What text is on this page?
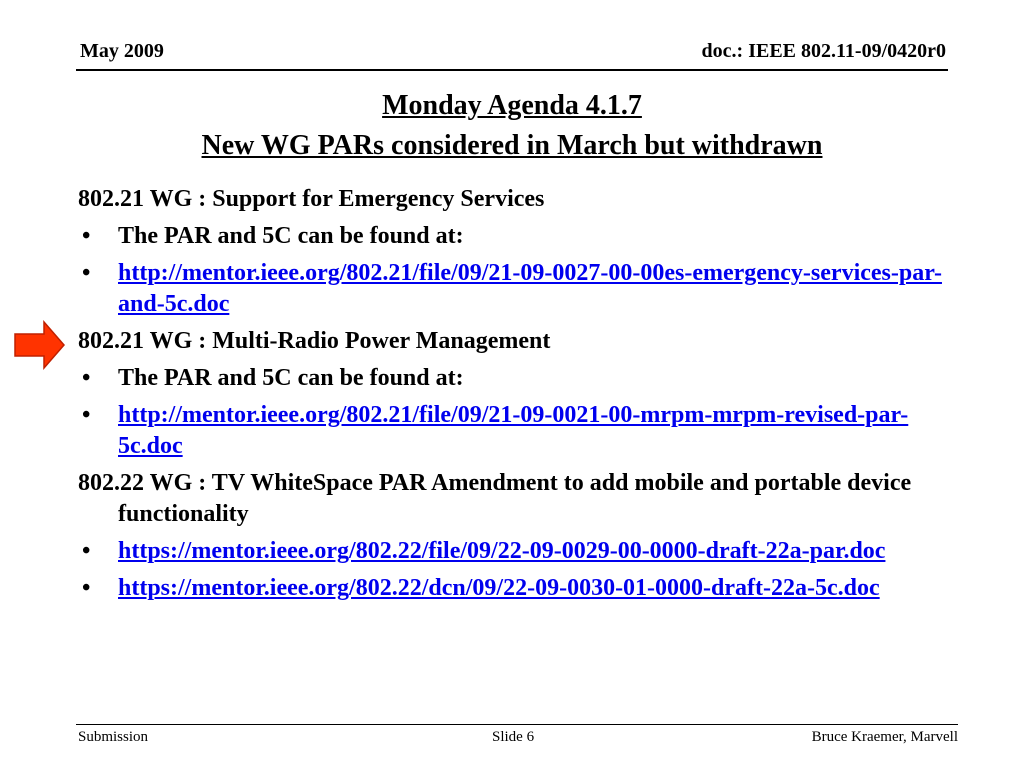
May 2009	doc.: IEEE 802.11-09/0420r0
Monday Agenda 4.1.7
New WG PARs considered in March but withdrawn

802.21 WG : Support for Emergency Services

• The PAR and 5C can be found at:
• http://mentor.ieee.org/802.21/file/09/21-09-0027-00-00es-emergency-services-par-and-5c.doc

802.21 WG : Multi-Radio Power Management

• The PAR and 5C can be found at:
• http://mentor.ieee.org/802.21/file/09/21-09-0021-00-mrpm-mrpm-revised-par-5c.doc

802.22 WG : TV WhiteSpace PAR Amendment to add mobile and portable device functionality

• https://mentor.ieee.org/802.22/file/09/22-09-0029-00-0000-draft-22a-par.doc
• https://mentor.ieee.org/802.22/dcn/09/22-09-0030-01-0000-draft-22a-5c.doc
Submission	Slide 6	Bruce Kraemer, Marvell
